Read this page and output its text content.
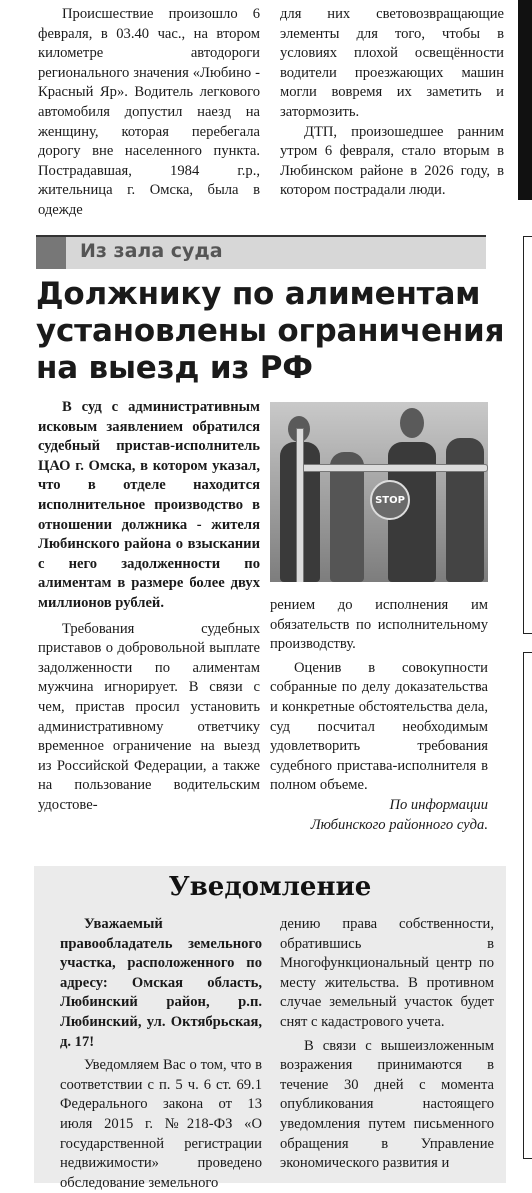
Происшествие произошло 6 февраля, в 03.40 час., на втором километре автодороги регионального значения «Любино - Красный Яр». Водитель легкового автомобиля допустил наезд на женщину, которая перебегала дорогу вне населенного пункта. Пострадавшая, 1984 г.р., жительница г. Омска, была в одежде

для них световозвращающие элементы для того, чтобы в условиях плохой освещённости водители проезжающих машин могли вовремя их заметить и затормозить.

ДТП, произошедшее ранним утром 6 февраля, стало вторым в Любинском районе в 2026 году, в котором пострадали люди.

Из зала суда
Должнику по алиментам установлены ограничения на выезд из РФ

В суд с административным исковым заявлением обратился судебный пристав-исполнитель ЦАО г. Омска, в котором указал, что в отделе находится исполнительное производство в отношении должника - жителя Любинского района о взыскании с него задолженности по алиментам в размере более двух миллионов рублей.

Требования судебных приставов о добровольной выплате задолженности по алиментам мужчина игнорирует. В связи с чем, пристав просил установить административному ответчику временное ограничение на выезд из Российской Федерации, а также на пользование водительским удостове-

STOP

рением до исполнения им обязательств по исполнительному производству.

Оценив в совокупности собранные по делу доказательства и конкретные обстоятельства дела, суд посчитал необходимым удовлетворить требования судебного пристава-исполнителя в полном объеме.

По информации

Любинского районного суда.

Уведомление

Уважаемый правообладатель земельного участка, расположенного по адресу: Омская область, Любинский район, р.п. Любинский, ул. Октябрьская, д. 17!

Уведомляем Вас о том, что в соответствии с п. 5 ч. 6 ст. 69.1 Федерального закона от 13 июля 2015 г. №218-ФЗ «О государственной регистрации недвижимости» проведено обследование земельного

дению права собственности, обратившись в Многофункциональный центр по месту жительства. В противном случае земельный участок будет снят с кадастрового учета.

В связи с вышеизложенным возражения принимаются в течение 30 дней с момента опубликования настоящего уведомления путем письменного обращения в Управление экономического развития и
